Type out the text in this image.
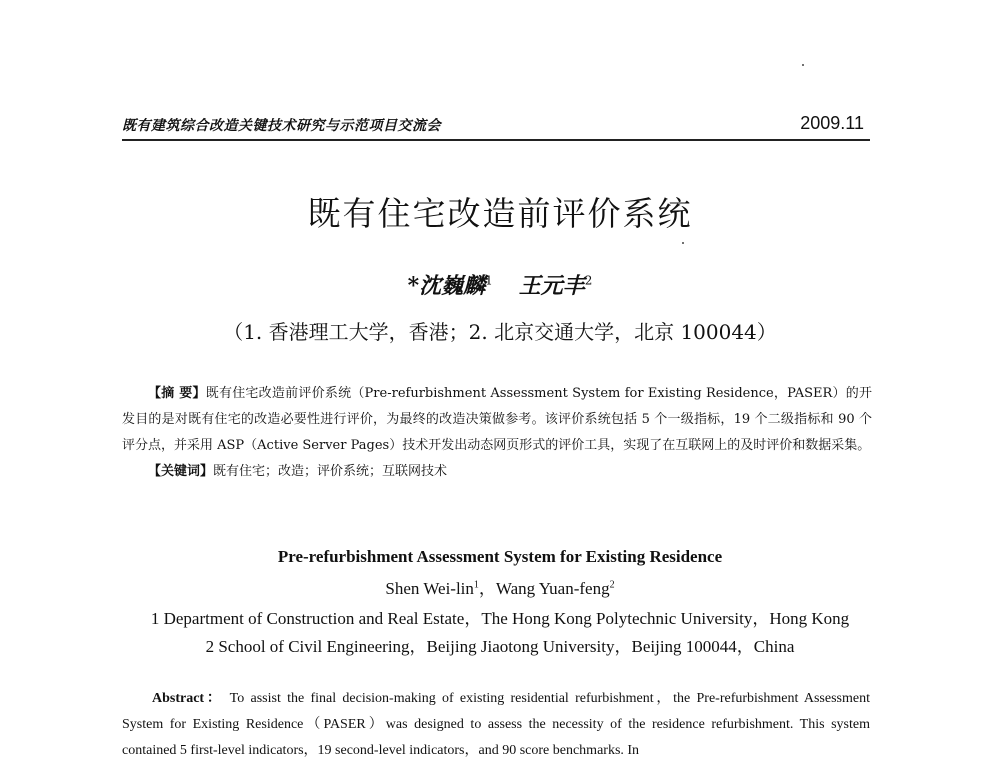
既有建筑综合改造关键技术研究与示范项目交流会	2009.11
既有住宅改造前评价系统
*沈巍麟$^1$ 王元丰$^2$
（1. 香港理工大学，香港；2. 北京交通大学，北京 100044）

【摘 要】既有住宅改造前评价系统（Pre-refurbishment Assessment System for Existing Residence，PASER）的开发目的是对既有住宅的改造必要性进行评价，为最终的改造决策做参考。该评价系统包括 5 个一级指标，19 个二级指标和 90 个评分点，并采用 ASP（Active Server Pages）技术开发出动态网页形式的评价工具，实现了在互联网上的及时评价和数据采集。

【关键词】既有住宅；改造；评价系统；互联网技术

Pre-refurbishment Assessment System for Existing Residence
Shen Wei-lin$^1$，Wang Yuan-feng$^2$
1 Department of Construction and Real Estate，The Hong Kong Polytechnic University，Hong Kong
2 School of Civil Engineering，Beijing Jiaotong University，Beijing 100044，China
Abstract： To assist the final decision-making of existing residential refurbishment，the Pre-refurbishment Assessment System for Existing Residence（PASER）was designed to assess the necessity of the residence refurbishment. This system contained 5 first-level indicators，19 second-level indicators，and 90 score benchmarks. In
